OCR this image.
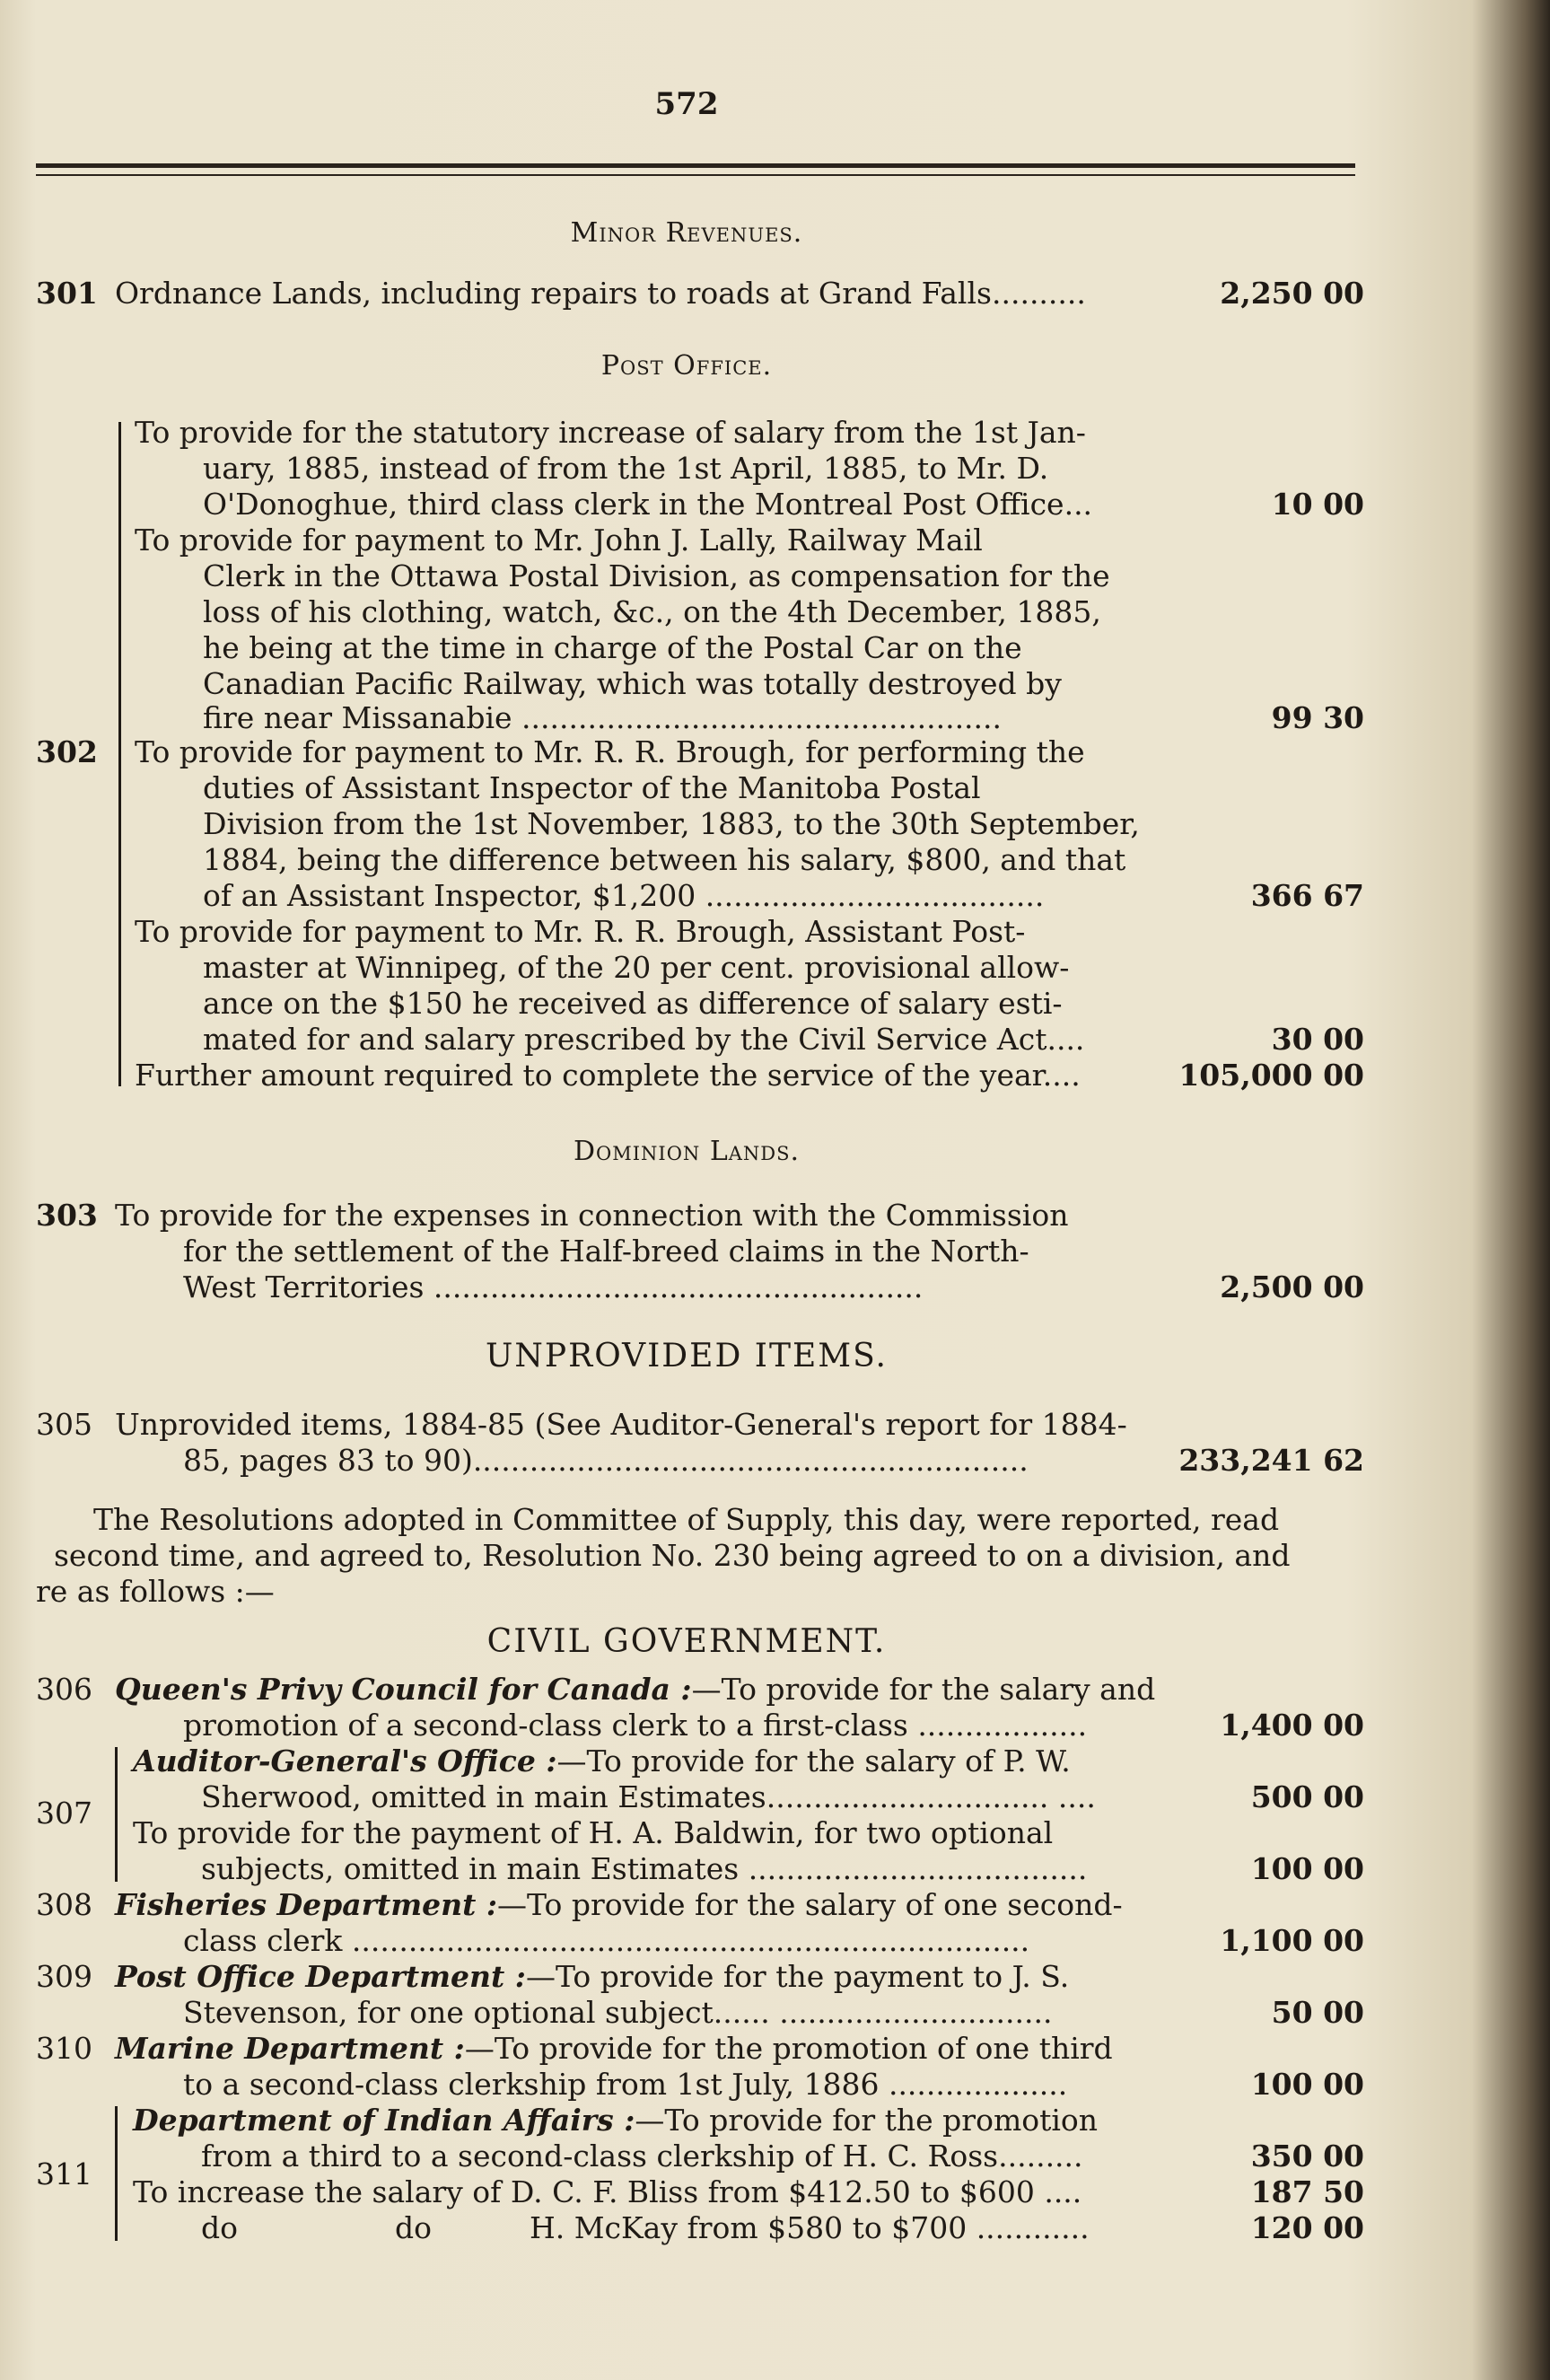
572
Minor Revenues.
301 Ordnance Lands, including repairs to roads at Grand Falls..........	2,250 00
Post Office.
302
To provide for the statutory increase of salary from the 1st Jan-
uary, 1885, instead of from the 1st April, 1885, to Mr. D.
O'Donoghue, third class clerk in the Montreal Post Office...	10 00
To provide for payment to Mr. John J. Lally, Railway Mail
Clerk in the Ottawa Postal Division, as compensation for the
loss of his clothing, watch, &c., on the 4th December, 1885,
he being at the time in charge of the Postal Car on the
Canadian Pacific Railway, which was totally destroyed by
fire near Missanabie ...................................................	99 30
To provide for payment to Mr. R. R. Brough, for performing the
duties of Assistant Inspector of the Manitoba Postal
Division from the 1st November, 1883, to the 30th September,
1884, being the difference between his salary, $800, and that
of an Assistant Inspector, $1,200 ....................................	366 67
To provide for payment to Mr. R. R. Brough, Assistant Post-
master at Winnipeg, of the 20 per cent. provisional allow-
ance on the $150 he received as difference of salary esti-
mated for and salary prescribed by the Civil Service Act....	30 00
Further amount required to complete the service of the year....	105,000 00
Dominion Lands.
303 To provide for the expenses in connection with the Commission
for the settlement of the Half-breed claims in the North-
West Territories ....................................................	2,500 00
UNPROVIDED ITEMS.
305 Unprovided items, 1884-85 (See Auditor-General's report for 1884-
85, pages 83 to 90)...........................................................	233,241 62
The Resolutions adopted in Committee of Supply, this day, were reported, read
second time, and agreed to, Resolution No. 230 being agreed to on a division, and
re as follows :—
CIVIL GOVERNMENT.
306 Queen's Privy Council for Canada :—To provide for the salary and
promotion of a second-class clerk to a first-class ..................	1,400 00
307
Auditor-General's Office :—To provide for the salary of P. W.
Sherwood, omitted in main Estimates.............................. ....	500 00
To provide for the payment of H. A. Baldwin, for two optional
subjects, omitted in main Estimates ....................................	100 00
308 Fisheries Department :—To provide for the salary of one second-
class clerk ........................................................................	1,100 00
309 Post Office Department :—To provide for the payment to J. S.
Stevenson, for one optional subject...... .............................	50 00
310 Marine Department :—To provide for the promotion of one third
to a second-class clerkship from 1st July, 1886 ...................	100 00
311
Department of Indian Affairs :—To provide for the promotion
from a third to a second-class clerkship of H. C. Ross.........	350 00
To increase the salary of D. C. F. Bliss from $412.50 to $600 ....	187 50
do	do	H. McKay from $580 to $700 ............	120 00
